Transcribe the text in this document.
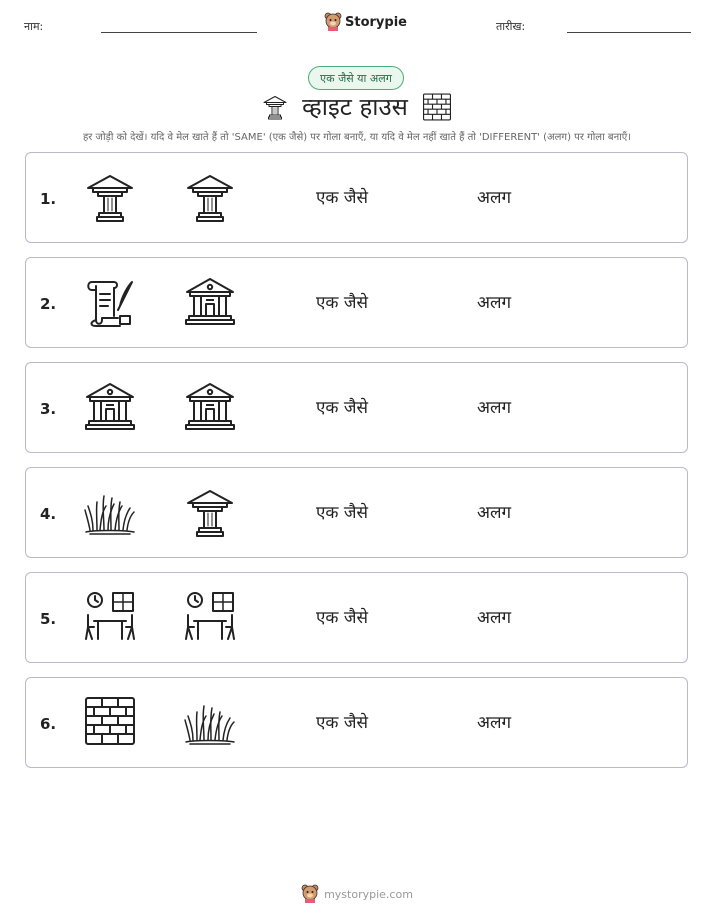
नाम:	Storypie	तारीख:
एक जैसे या अलग
व्हाइट हाउस
हर जोड़ी को देखें। यदि वे मेल खाते हैं तो 'SAME' (एक जैसे) पर गोला बनाएँ, या यदि वे मेल नहीं खाते हैं तो 'DIFFERENT' (अलग) पर गोला बनाएँ।
1.	एक जैसे	अलग
2.	एक जैसे	अलग
3.	एक जैसे	अलग
4.	एक जैसे	अलग
5.	एक जैसे	अलग
6.	एक जैसे	अलग
mystorypie.com
